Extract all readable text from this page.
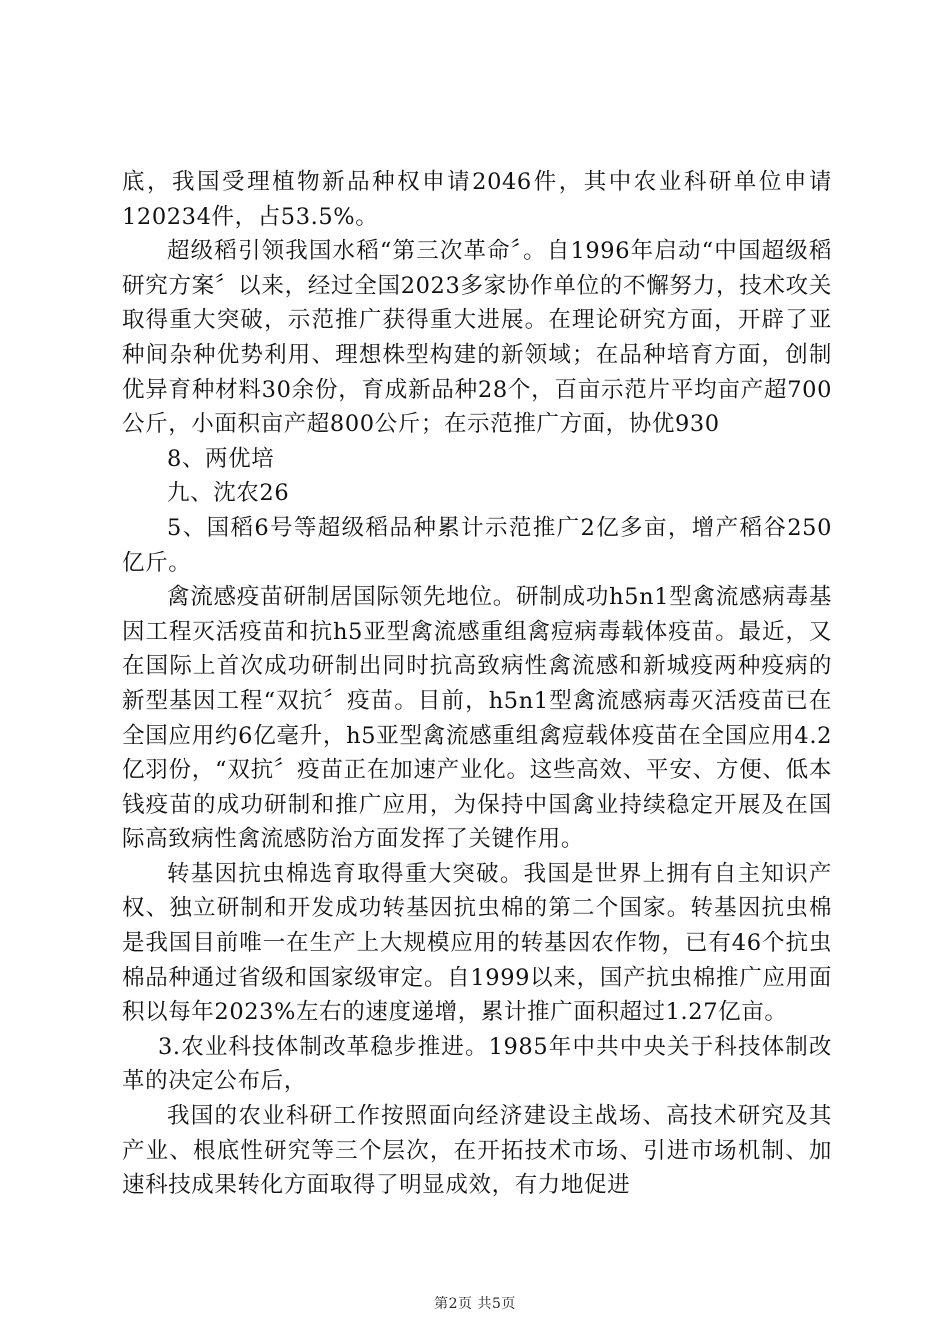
底，我国受理植物新品种权申请2046件，其中农业科研单位申请120234件，占53.5%。

超级稻引领我国水稻“第三次革命〞。自1996年启动“中国超级稻研究方案〞以来，经过全国2023多家协作单位的不懈努力，技术攻关取得重大突破，示范推广获得重大进展。在理论研究方面，开辟了亚种间杂种优势利用、理想株型构建的新领域；在品种培育方面，创制优异育种材料30余份，育成新品种28个，百亩示范片平均亩产超700公斤，小面积亩产超800公斤；在示范推广方面，协优930

8、两优培

九、沈农26

5、国稻6号等超级稻品种累计示范推广2亿多亩，增产稻谷250亿斤。

禽流感疫苗研制居国际领先地位。研制成功h5n1型禽流感病毒基因工程灭活疫苗和抗h5亚型禽流感重组禽痘病毒载体疫苗。最近，又在国际上首次成功研制出同时抗高致病性禽流感和新城疫两种疫病的新型基因工程“双抗〞疫苗。目前，h5n1型禽流感病毒灭活疫苗已在全国应用约6亿毫升，h5亚型禽流感重组禽痘载体疫苗在全国应用4.2亿羽份，“双抗〞疫苗正在加速产业化。这些高效、平安、方便、低本钱疫苗的成功研制和推广应用，为保持中国禽业持续稳定开展及在国际高致病性禽流感防治方面发挥了关键作用。

转基因抗虫棉选育取得重大突破。我国是世界上拥有自主知识产权、独立研制和开发成功转基因抗虫棉的第二个国家。转基因抗虫棉是我国目前唯一在生产上大规模应用的转基因农作物，已有46个抗虫棉品种通过省级和国家级审定。自1999以来，国产抗虫棉推广应用面积以每年2023%左右的速度递增，累计推广面积超过1.27亿亩。

3.农业科技体制改革稳步推进。1985年中共中央关于科技体制改革的决定公布后，

我国的农业科研工作按照面向经济建设主战场、高技术研究及其产业、根底性研究等三个层次，在开拓技术市场、引进市场机制、加速科技成果转化方面取得了明显成效，有力地促进

第2页 共5页
